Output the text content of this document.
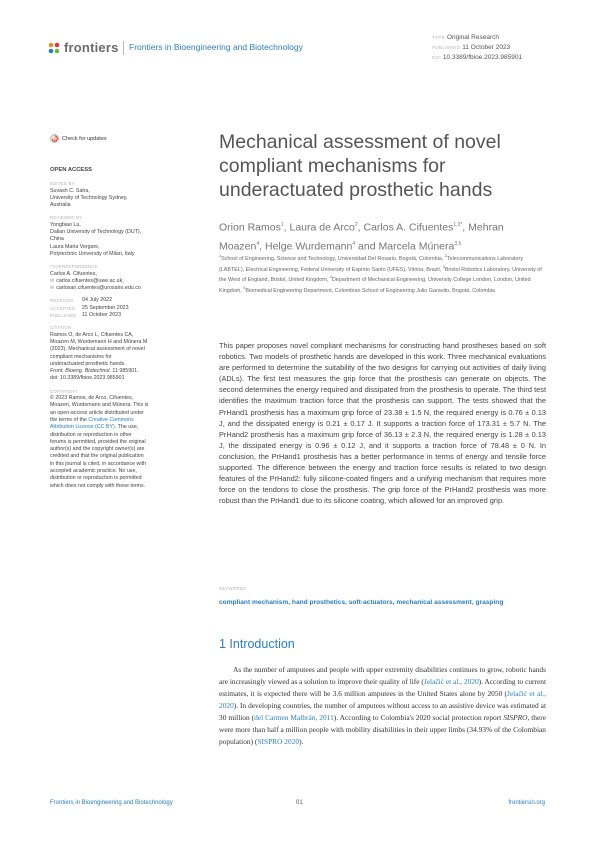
frontiers Frontiers in Bioengineering and Biotechnology
TYPE Original Research
PUBLISHED 11 October 2023
DOI 10.3389/fbioe.2023.985901
Check for updates
OPEN ACCESS
EDITED BY
Suvash C. Saha,
University of Technology Sydney,
Australia
REVIEWED BY
Yongbiao Lu,
Dalian University of Technology (DUT),
China
Laura Maria Vergani,
Polytechnic University of Milan, Italy
*CORRESPONDENCE
Carlos A. Cifuentes,
✉ carlos.cifuentes@uwe.ac.uk,
✉ carlosan.cifuentes@urosario.edu.co
RECEIVED	04 July 2022
ACCEPTED	25 September 2023
PUBLISHED	11 October 2023
CITATION
Ramos O, de Arco L, Cifuentes CA,
Moazen M, Wurdemann H and Múnera M
(2023), Mechanical assessment of novel
compliant mechanisms for
underactuated prosthetic hands.
Front. Bioeng. Biotechnol. 11:985901.
doi: 10.3389/fbioe.2023.985901
COPYRIGHT
© 2023 Ramos, de Arco, Cifuentes,
Moazen, Wurdemann and Múnera. This is
an open-access article distributed under
the terms of the Creative Commons
Attribution License (CC BY). The use,
distribution or reproduction in other
forums is permitted, provided the original
author(s) and the copyright owner(s) are
credited and that the original publication
in this journal is cited, in accordance with
accepted academic practice. No use,
distribution or reproduction is permitted
which does not comply with these terms.
Mechanical assessment of novel compliant mechanisms for underactuated prosthetic hands
Orion Ramos$^1$, Laura de Arco$^2$, Carlos A. Cifuentes$^{1,3*}$, Mehran Moazen$^4$, Helge Wurdemann$^4$ and Marcela Múnera$^{3,5}$
$^1$School of Engineering, Science and Technology, Universidad Del Rosario, Bogotá, Colombia, $^2$Telecommunications Laboratory (LABTEL), Electrical Engineering, Federal University of Espírito Santo (UFES), Vitória, Brazil, $^3$Bristol Robotics Laboratory, University of the West of England, Bristol, United Kingdom, $^4$Department of Mechanical Engineering, University College London, London, United Kingdom, $^5$Biomedical Engineering Department, Colombian School of Engineering Julio Garavito, Bogotá, Colombia
This paper proposes novel compliant mechanisms for constructing hand prostheses based on soft robotics. Two models of prosthetic hands are developed in this work. Three mechanical evaluations are performed to determine the suitability of the two designs for carrying out activities of daily living (ADLs). The first test measures the grip force that the prosthesis can generate on objects. The second determines the energy required and dissipated from the prosthesis to operate. The third test identifies the maximum traction force that the prosthesis can support. The tests showed that the PrHand1 prosthesis has a maximum grip force of 23.38 ± 1.5 N, the required energy is 0.76 ± 0.13 J, and the dissipated energy is 0.21 ± 0.17 J. It supports a traction force of 173.31 ± 5.7 N. The PrHand2 prosthesis has a maximum grip force of 36.13 ± 2.3 N, the required energy is 1.28 ± 0.13 J, the dissipated energy is 0.96 ± 0.12 J, and it supports a traction force of 78.48 ± 0 N. In conclusion, the PrHand1 prosthesis has a better performance in terms of energy and tensile force supported. The difference between the energy and traction force results is related to two design features of the PrHand2: fully silicone-coated fingers and a unifying mechanism that requires more force on the tendons to close the prosthesis. The grip force of the PrHand2 prosthesis was more robust than the PrHand1 due to its silicone coating, which allowed for an improved grip.
KEYWORDS
compliant mechanism, hand prosthetics, soft-actuators, mechanical assessment, grasping
1 Introduction

As the number of amputees and people with upper extremity disabilities continues to grow, robotic hands are increasingly viewed as a solution to improve their quality of life (Jelačić et al., 2020). According to current estimates, it is expected there will be 3.6 million amputees in the United States alone by 2050 (Jelačić et al., 2020). In developing countries, the number of amputees without access to an assistive device was estimated at 30 million (del Carmen Malbrán, 2011). According to Colombia's 2020 social protection report SISPRO, there were more than half a million people with mobility disabilities in their upper limbs (34.93% of the Colombian population) (SISPRO 2020).

Frontiers in Bioengineering and Biotechnology	01	frontiersin.org
